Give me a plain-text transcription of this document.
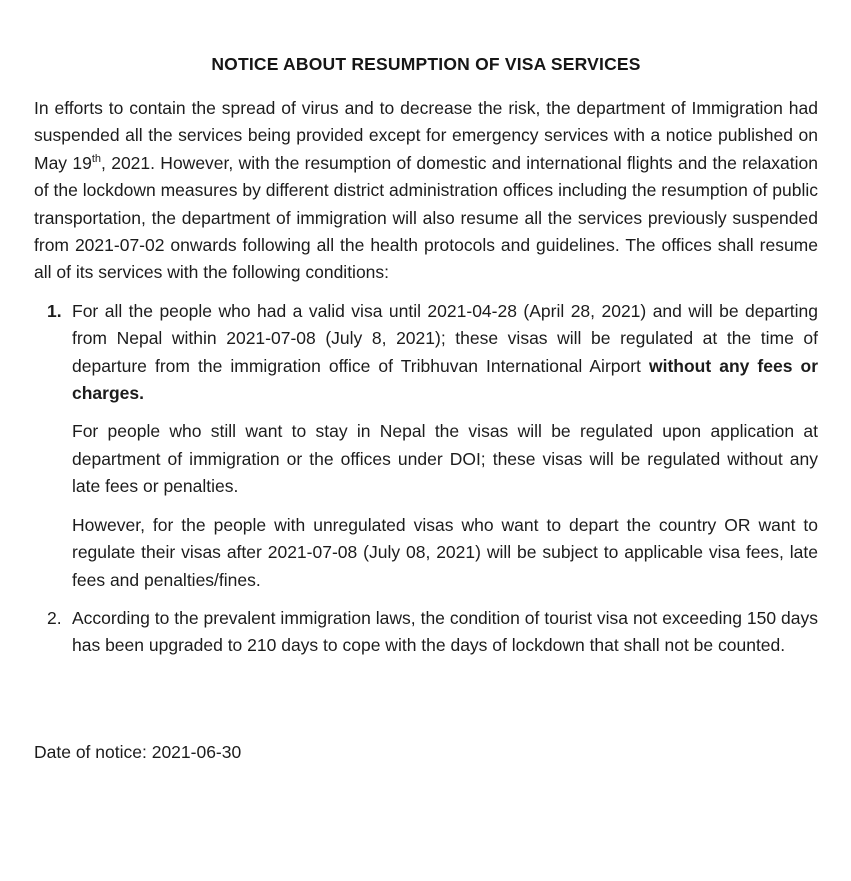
NOTICE ABOUT RESUMPTION OF VISA SERVICES

In efforts to contain the spread of virus and to decrease the risk, the department of Immigration had suspended all the services being provided except for emergency services with a notice published on May 19th, 2021. However, with the resumption of domestic and international flights and the relaxation of the lockdown measures by different district administration offices including the resumption of public transportation, the department of immigration will also resume all the services previously suspended from 2021-07-02 onwards following all the health protocols and guidelines. The offices shall resume all of its services with the following conditions:

1. For all the people who had a valid visa until 2021-04-28 (April 28, 2021) and will be departing from Nepal within 2021-07-08 (July 8, 2021); these visas will be regulated at the time of departure from the immigration office of Tribhuvan International Airport without any fees or charges.

For people who still want to stay in Nepal the visas will be regulated upon application at department of immigration or the offices under DOI; these visas will be regulated without any late fees or penalties.

However, for the people with unregulated visas who want to depart the country OR want to regulate their visas after 2021-07-08 (July 08, 2021) will be subject to applicable visa fees, late fees and penalties/fines.

2. According to the prevalent immigration laws, the condition of tourist visa not exceeding 150 days has been upgraded to 210 days to cope with the days of lockdown that shall not be counted.

Date of notice: 2021-06-30
